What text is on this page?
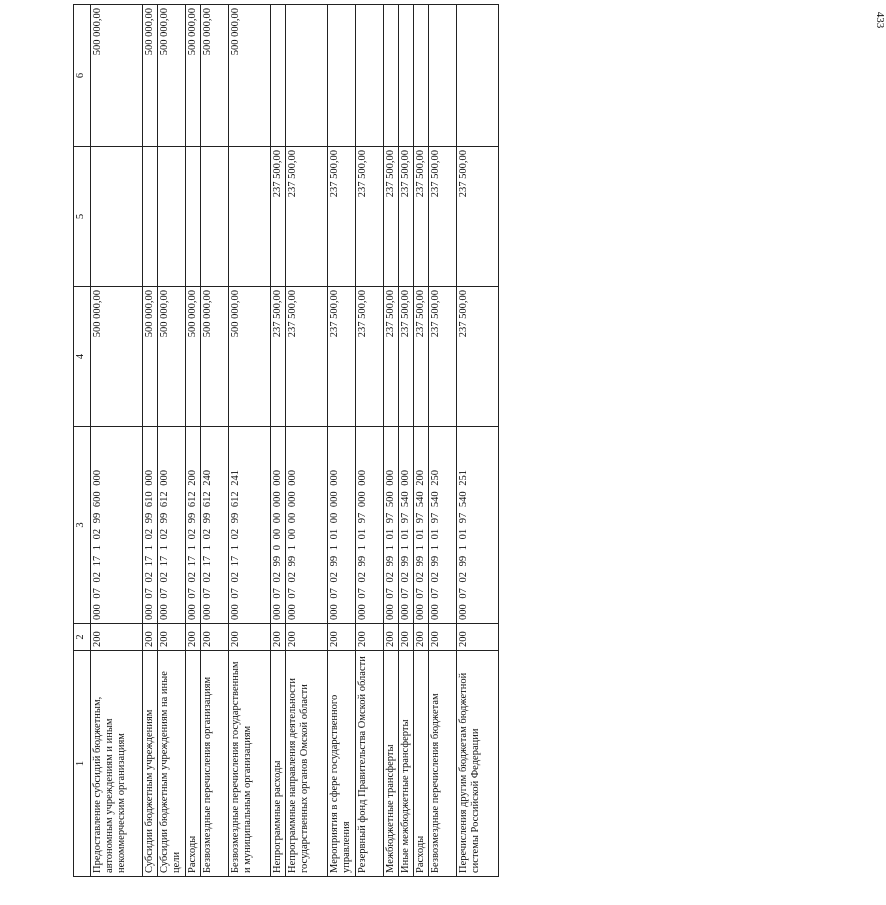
433
1	2	3	4	5	6
Предоставление субсидий бюджетным, автономным учреждениям и иным некоммерческим организациям	200	000 07 02 17 1 02 99 600 000	500 000,00		500 000,00
Субсидии бюджетным учреждениям	200	000 07 02 17 1 02 99 610 000	500 000,00		500 000,00
Субсидии бюджетным учреждениям на иные цели	200	000 07 02 17 1 02 99 612 000	500 000,00		500 000,00
Расходы	200	000 07 02 17 1 02 99 612 200	500 000,00		500 000,00
Безвозмездные перечисления организациям	200	000 07 02 17 1 02 99 612 240	500 000,00		500 000,00
Безвозмездные перечисления государственным и муниципальным организациям	200	000 07 02 17 1 02 99 612 241	500 000,00		500 000,00
Непрограммные расходы	200	000 07 02 99 0 00 00 000 000	237 500,00	237 500,00	
Непрограммные направления деятельности государственных органов Омской области	200	000 07 02 99 1 00 00 000 000	237 500,00	237 500,00	
Мероприятия в сфере государственного управления	200	000 07 02 99 1 01 00 000 000	237 500,00	237 500,00	
Резервный фонд Правительства Омской области	200	000 07 02 99 1 01 97 000 000	237 500,00	237 500,00	
Межбюджетные трансферты	200	000 07 02 99 1 01 97 500 000	237 500,00	237 500,00	
Иные межбюджетные трансферты	200	000 07 02 99 1 01 97 540 000	237 500,00	237 500,00	
Расходы	200	000 07 02 99 1 01 97 540 200	237 500,00	237 500,00	
Безвозмездные перечисления бюджетам	200	000 07 02 99 1 01 97 540 250	237 500,00	237 500,00	
Перечисления другим бюджетам бюджетной системы Российской Федерации	200	000 07 02 99 1 01 97 540 251	237 500,00	237 500,00	
